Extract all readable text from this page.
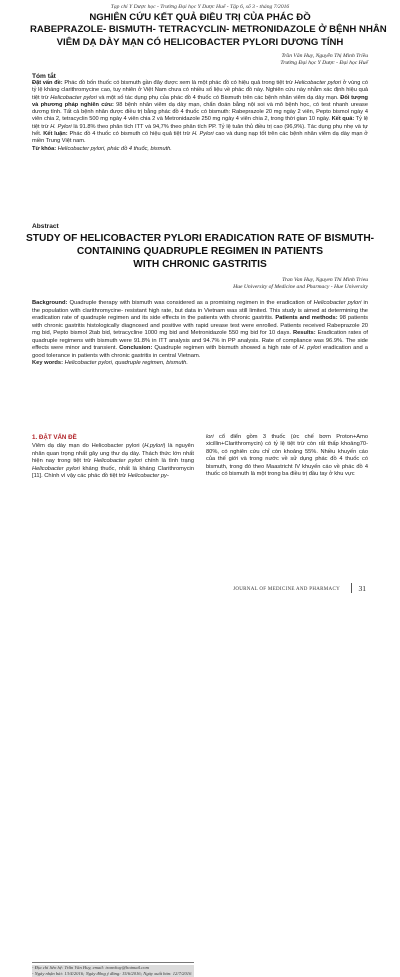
Tạp chí Y Dược học - Trường Đại học Y Dược Huế - Tập 6, số 3 - tháng 7/2016
NGHIÊN CỨU KẾT QUẢ ĐIỀU TRỊ CỦA PHÁC ĐỒ
RABEPRAZOLE- BISMUTH- TETRACYCLIN- METRONIDAZOLE Ở BỆNH NHÂN
VIÊM DẠ DÀY MẠN CÓ HELICOBACTER PYLORI DƯƠNG TÍNH
Trần Văn Huy, Nguyễn Thị Minh Triều
Trường Đại học Y Dược - Đại học Huế
Tóm tắt

Đặt vấn đề: Phác đồ bốn thuốc có bismuth gần đây được xem là một phác đồ có hiệu quả trong tiệt trừ Helicobacter pylori ở vùng có tỷ lệ kháng clarithromycine cao, tuy nhiên ở Việt Nam chưa có nhiều số liệu về phác đồ này. Nghiên cứu này nhằm xác định hiệu quả tiệt trừ Helicobacter pylori và một số tác dụng phụ của phác đồ 4 thuốc có Bismuth trên các bệnh nhân viêm dạ dày mạn. Đối tượng và phương pháp nghiên cứu: 98 bệnh nhân viêm dạ dày mạn, chẩn đoán bằng nội soi và mô bệnh học, có test nhanh urease dương tính. Tất cả bệnh nhân được điều trị bằng phác đồ 4 thuốc có bismuth: Rabeprazole 20 mg ngày 2 viên, Pepto bismol ngày 4 viên chia 2, tetracyclin 500 mg ngày 4 viên chia 2 và Metronidazole 250 mg ngày 4 viên chia 2, trong thời gian 10 ngày. Kết quả: Tỷ lệ tiệt trừ H. Pylori là 91.8% theo phân tích ITT và 94,7% theo phân tích PP. Tỷ lệ tuân thủ điều trị cao (96,9%). Tác dụng phụ nhẹ và tự hết. Kết luận: Phác đồ 4 thuốc có bismuth có hiệu quả tiệt trừ H. Pylori cao và dung nạp tốt trên các bệnh nhân viêm dạ dày mạn ở miền Trung Việt nam.

Từ khóa: Helicobacter pylori, phác đồ 4 thuốc, bismuth.

Abstract
STUDY OF HELICOBACTER PYLORI ERADICATION RATE OF BISMUTH-
CONTAINING QUADRUPLE REGIMEN IN PATIENTS
WITH CHRONIC GASTRITIS
Tran Van Huy, Nguyen Thi Minh Trieu
Hue University of Medicine and Pharmacy - Hue University

Background: Quadruple therapy with bismuth was considered as a promising regimen in the eradication of Helicobacter pylori in the population with clarithromycine- resistant high rate, but data in Vietnam was still limited. This study is aimed at determining the eradication rate of quadruple regimen and its side effects in the patients with chronic gastritis. Patients and methods: 98 patients with chronic gastritis histologically diagnosed and positive with rapid urease test were enrolled. Patients received Rabeprazole 20 mg bid, Pepto bismol 2tab bid, tetracycline 1000 mg bid and Metronidazole 550 mg bid for 10 days. Results: Eradication rates of quadruple regimens with bismuth were 91.8% in ITT analysis and 94.7% in PP analysis. Rate of compliance was 96.9%. The side effects were minor and transient. Conclusion: Quadruple regimen with bismuth showed a high rate of H. pylori eradication and a good tolerance in patients with chronic gastritis in central Vietnam.

Key words: Helicobacter pylori, quadruple regimen, bismuth.

1. ĐẶT VẤN ĐỀ

Viêm dạ dày mạn do Helicobacter pylori (H.pylori) là nguyên nhân quan trọng nhất gây ung thư dạ dày. Thách thức lớn nhất hiện nay trong tiệt trừ Helicobacter pylori chính là tình trạng Helicobacter pylori kháng thuốc, nhất là kháng Clarithromycin [11]. Chính vì vậy các phác đồ tiệt trừ Helicobacter py-

lori cổ điển gồm 3 thuốc (ức chế bơm Proton+Amo xicillin+Clarithromycin) có tỷ lệ tiệt trừ còn rất thấp khoảng70-80%, có nghiên cứu chỉ còn khoảng 55%. Nhiều khuyến cáo của thế giới và trong nước về sử dụng phác đồ 4 thuốc có bismuth, trong đó theo Maastricht IV khuyến cáo về phác đồ 4 thuốc có bismuth là một trong ba điều trị đầu tay ở khu vực

- Địa chỉ liên hệ: Trần Văn Huy, email: tranvhuy@hotmail.com
- Ngày nhận bài: 13/4/2016; Ngày đồng ý đăng: 15/6/2016; Ngày xuất bản: 12/7/2016
JOURNAL OF MEDICINE AND PHARMACY 31
